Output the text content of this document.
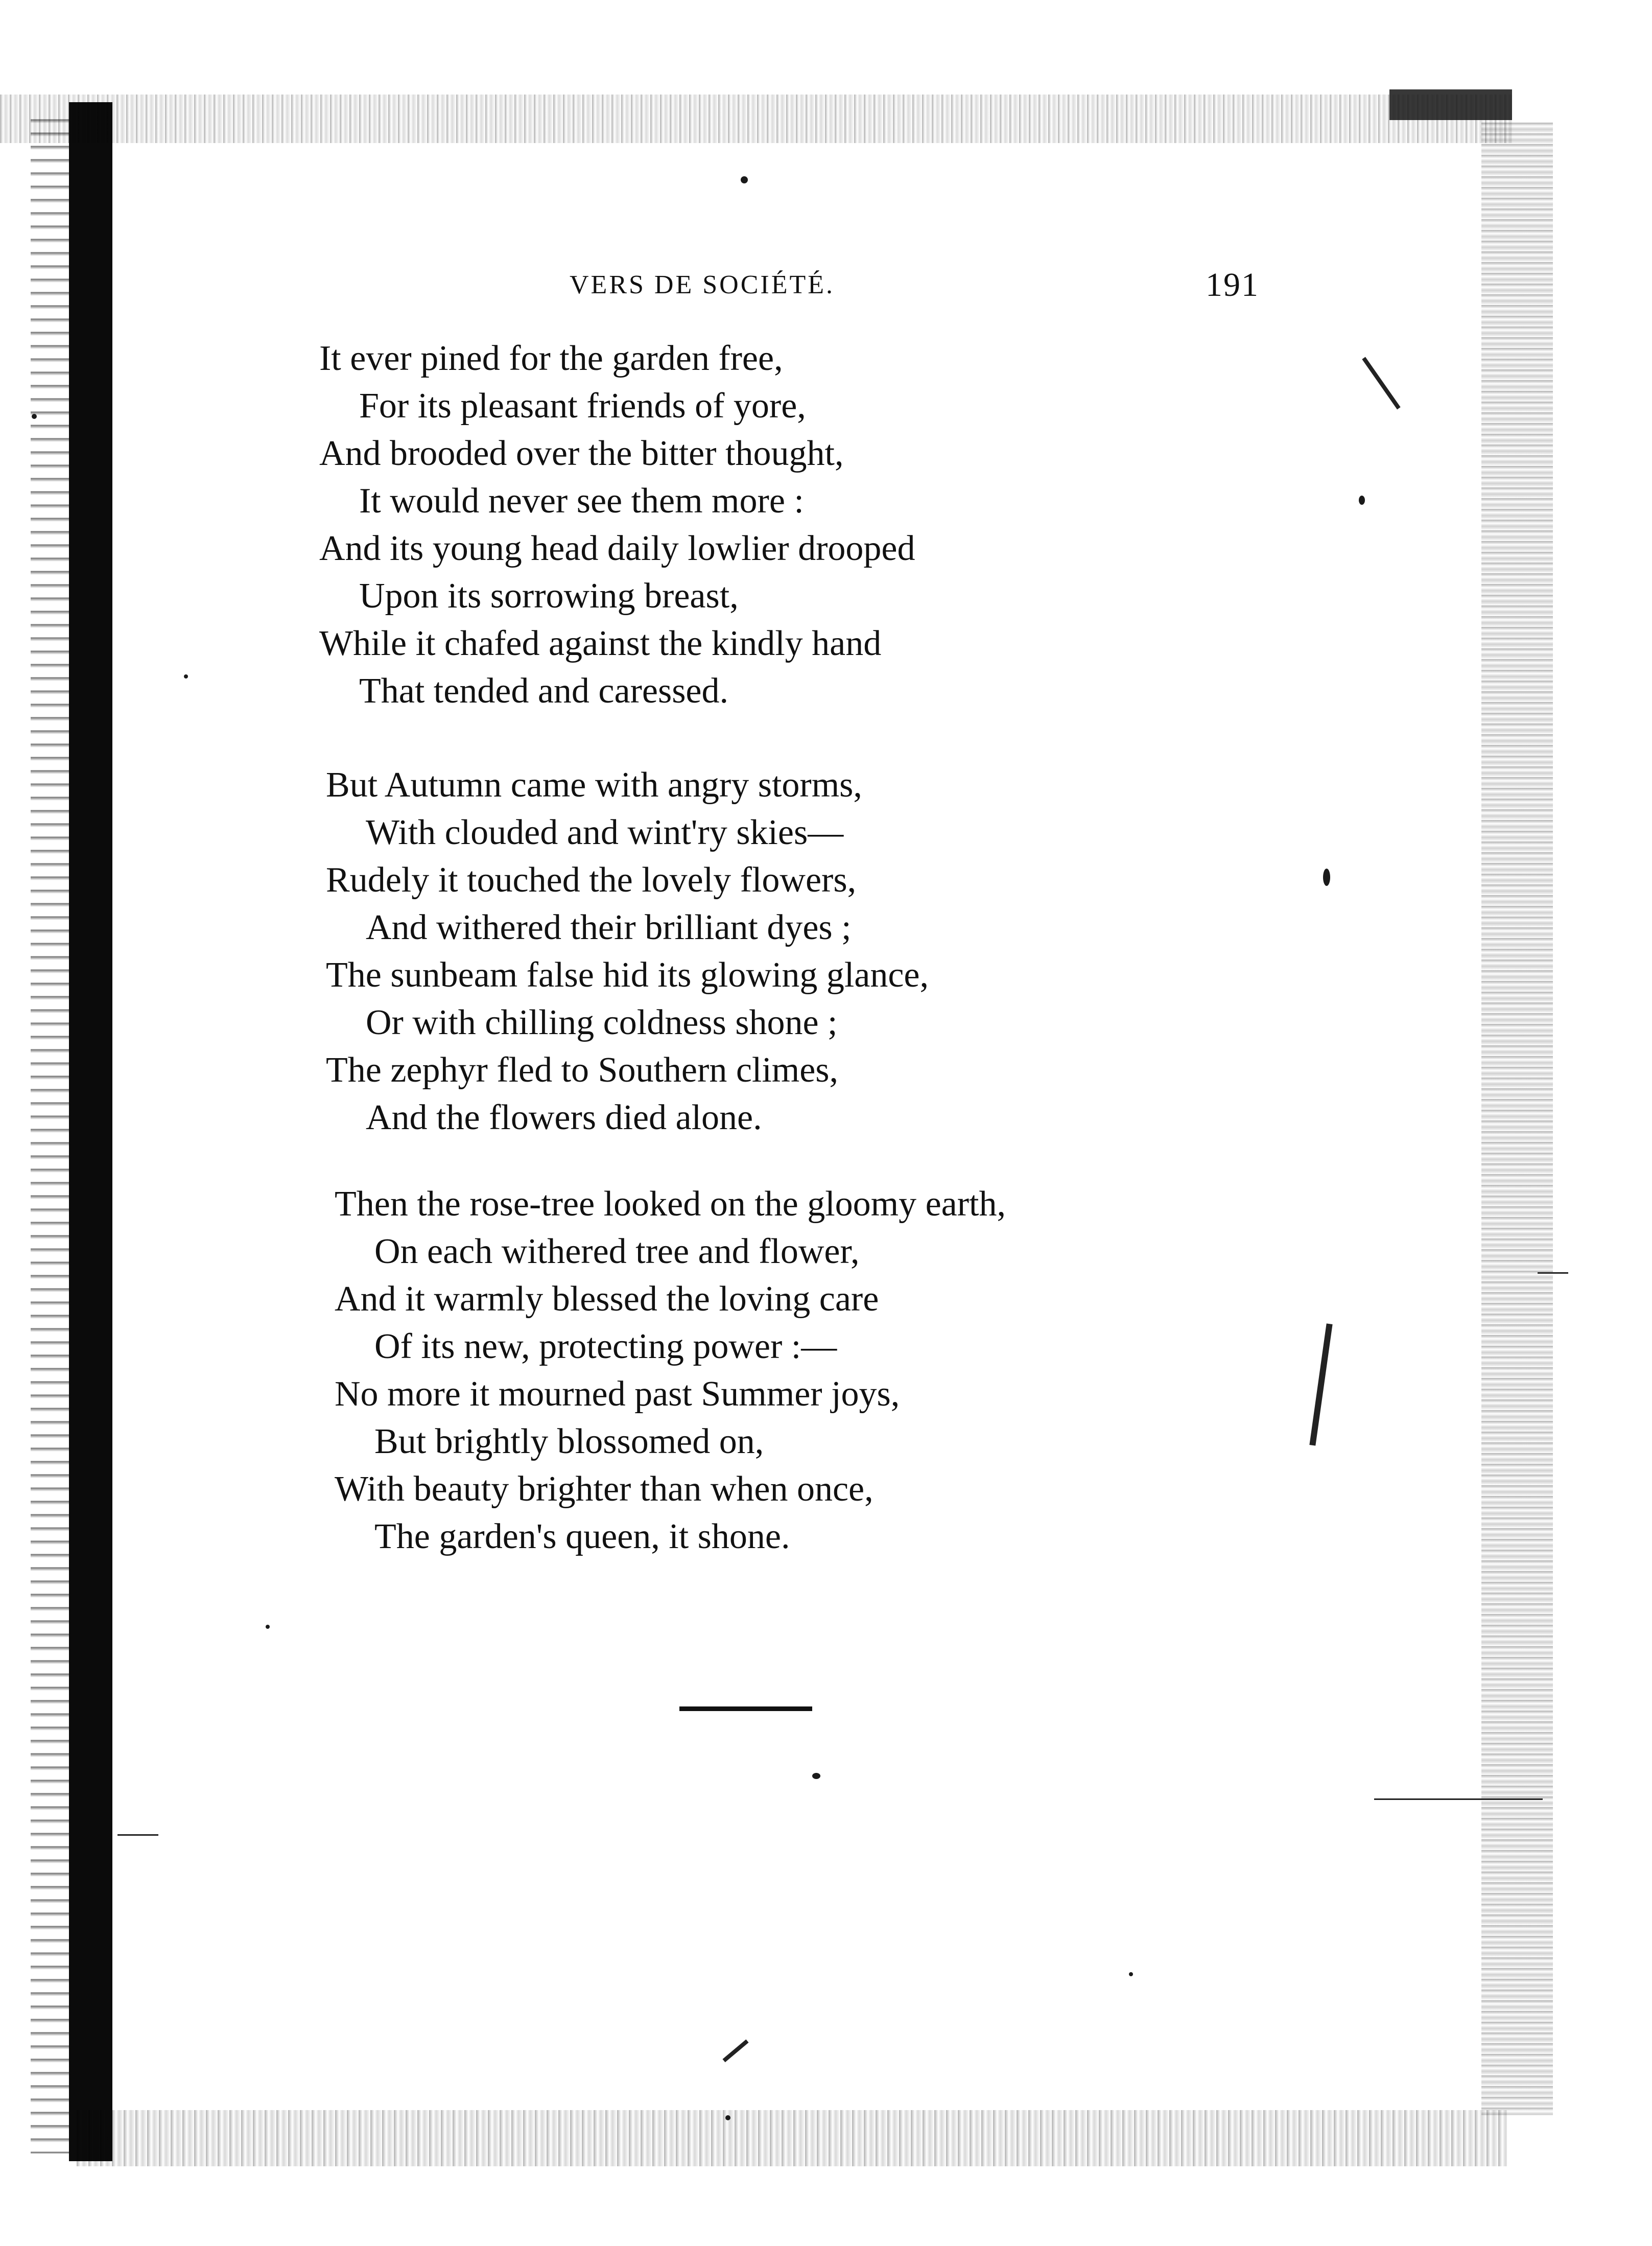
VERS DE SOCIÉTÉ.	191
It ever pined for the garden free,
For its pleasant friends of yore,
And brooded over the bitter thought,
It would never see them more :
And its young head daily lowlier drooped
Upon its sorrowing breast,
While it chafed against the kindly hand
That tended and caressed.
But Autumn came with angry storms,
With clouded and wint'ry skies—
Rudely it touched the lovely flowers,
And withered their brilliant dyes ;
The sunbeam false hid its glowing glance,
Or with chilling coldness shone ;
The zephyr fled to Southern climes,
And the flowers died alone.
Then the rose-tree looked on the gloomy earth,
On each withered tree and flower,
And it warmly blessed the loving care
Of its new, protecting power :—
No more it mourned past Summer joys,
But brightly blossomed on,
With beauty brighter than when once,
The garden's queen, it shone.
